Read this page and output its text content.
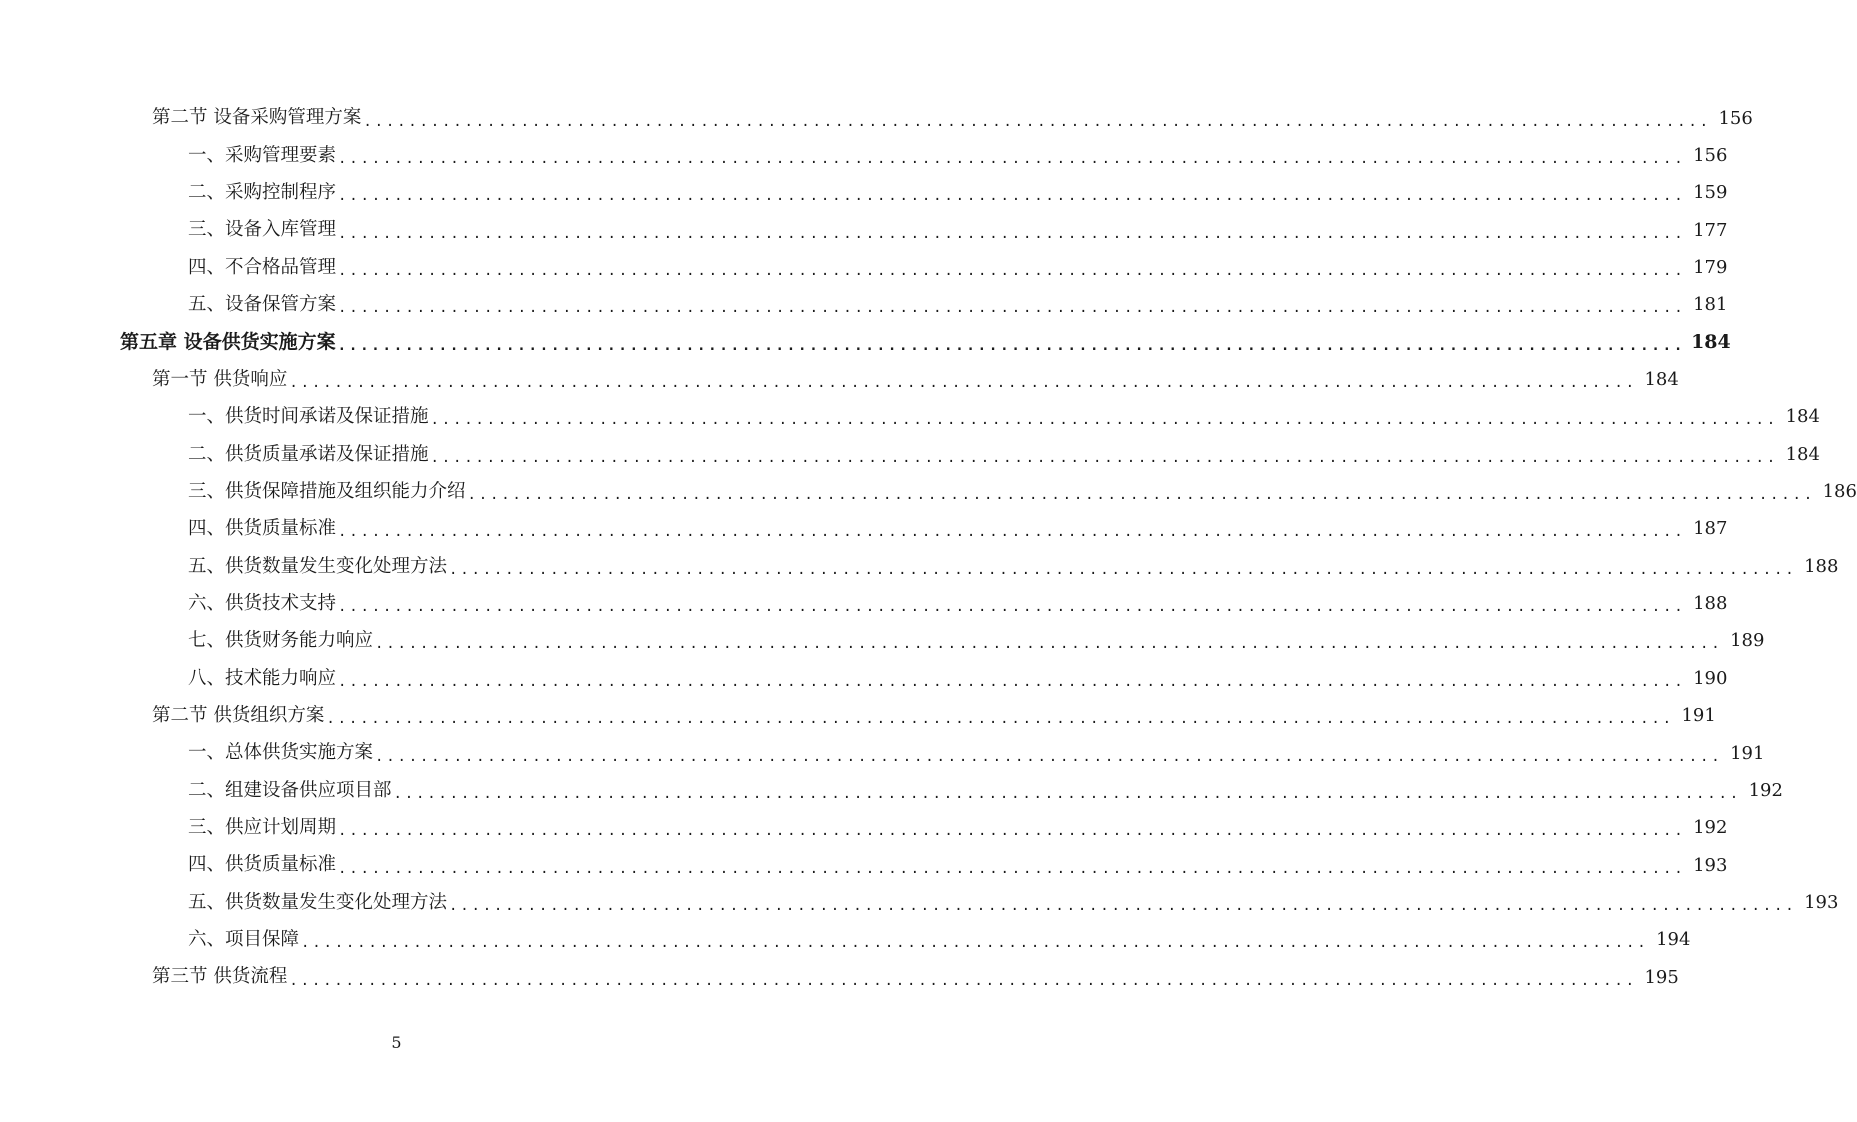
第二节 设备采购管理方案 ........................................................................................................................ 156
一、采购管理要素 ........................................................................................................................ 156
二、采购控制程序 ........................................................................................................................ 159
三、设备入库管理 ........................................................................................................................ 177
四、不合格品管理 ........................................................................................................................ 179
五、设备保管方案 ........................................................................................................................ 181
第五章 设备供货实施方案 ........................................................................................................................ 184
第一节 供货响应 ........................................................................................................................ 184
一、供货时间承诺及保证措施 ........................................................................................................................ 184
二、供货质量承诺及保证措施 ........................................................................................................................ 184
三、供货保障措施及组织能力介绍 ........................................................................................................................ 186
四、供货质量标准 ........................................................................................................................ 187
五、供货数量发生变化处理方法 ........................................................................................................................ 188
六、供货技术支持 ........................................................................................................................ 188
七、供货财务能力响应 ........................................................................................................................ 189
八、技术能力响应 ........................................................................................................................ 190
第二节 供货组织方案 ........................................................................................................................ 191
一、总体供货实施方案 ........................................................................................................................ 191
二、组建设备供应项目部 ........................................................................................................................ 192
三、供应计划周期 ........................................................................................................................ 192
四、供货质量标准 ........................................................................................................................ 193
五、供货数量发生变化处理方法 ........................................................................................................................ 193
六、项目保障 ........................................................................................................................ 194
第三节 供货流程 ........................................................................................................................ 195
5
